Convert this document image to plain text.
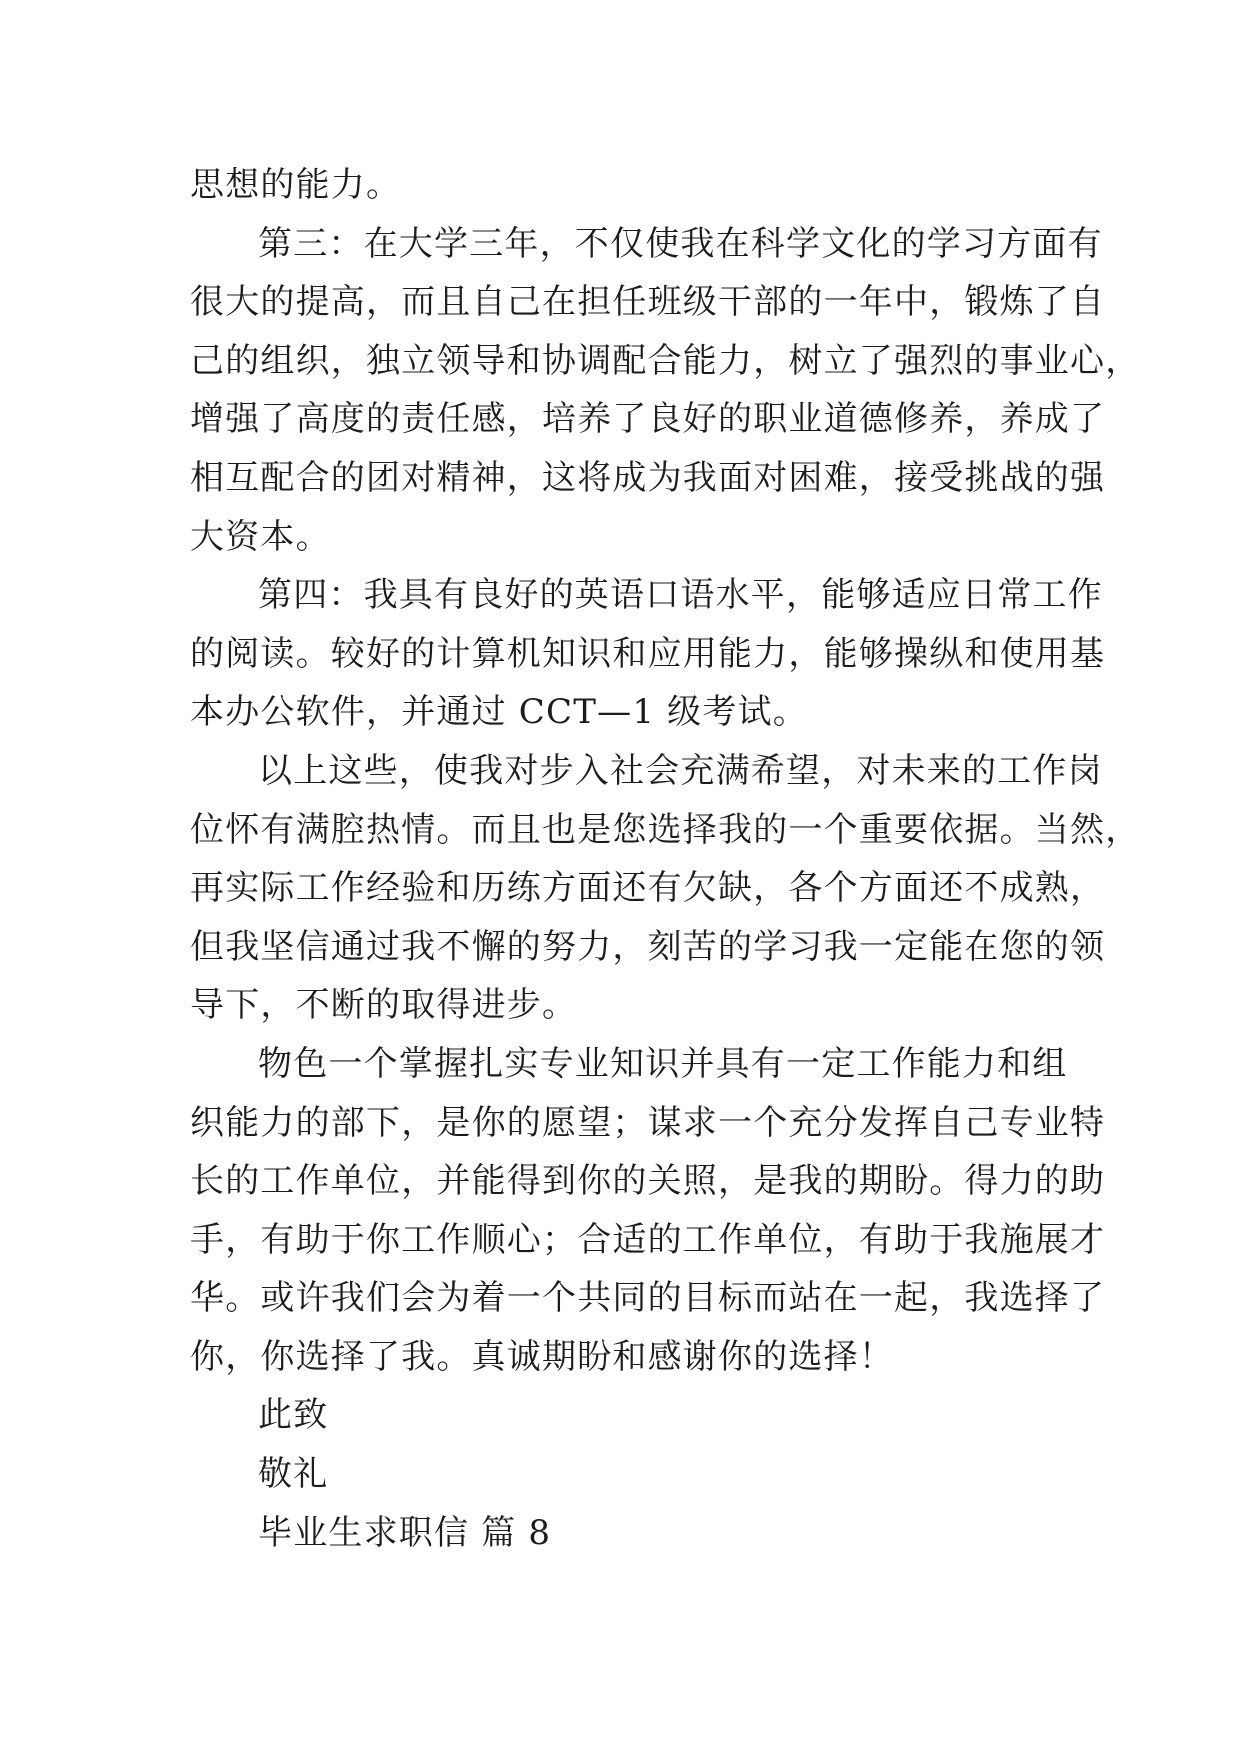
思想的能力。
第三：在大学三年，不仅使我在科学文化的学习方面有
很大的提高，而且自己在担任班级干部的一年中，锻炼了自
己的组织，独立领导和协调配合能力，树立了强烈的事业心，
增强了高度的责任感，培养了良好的职业道德修养，养成了
相互配合的团对精神，这将成为我面对困难，接受挑战的强
大资本。
第四：我具有良好的英语口语水平，能够适应日常工作
的阅读。较好的计算机知识和应用能力，能够操纵和使用基
本办公软件，并通过 CCT—1 级考试。
以上这些，使我对步入社会充满希望，对未来的工作岗
位怀有满腔热情。而且也是您选择我的一个重要依据。当然，
再实际工作经验和历练方面还有欠缺，各个方面还不成熟，
但我坚信通过我不懈的努力，刻苦的学习我一定能在您的领
导下，不断的取得进步。
物色一个掌握扎实专业知识并具有一定工作能力和组
织能力的部下，是你的愿望；谋求一个充分发挥自己专业特
长的工作单位，并能得到你的关照，是我的期盼。得力的助
手，有助于你工作顺心；合适的工作单位，有助于我施展才
华。或许我们会为着一个共同的目标而站在一起，我选择了
你，你选择了我。真诚期盼和感谢你的选择！
此致
敬礼
毕业生求职信 篇 8
